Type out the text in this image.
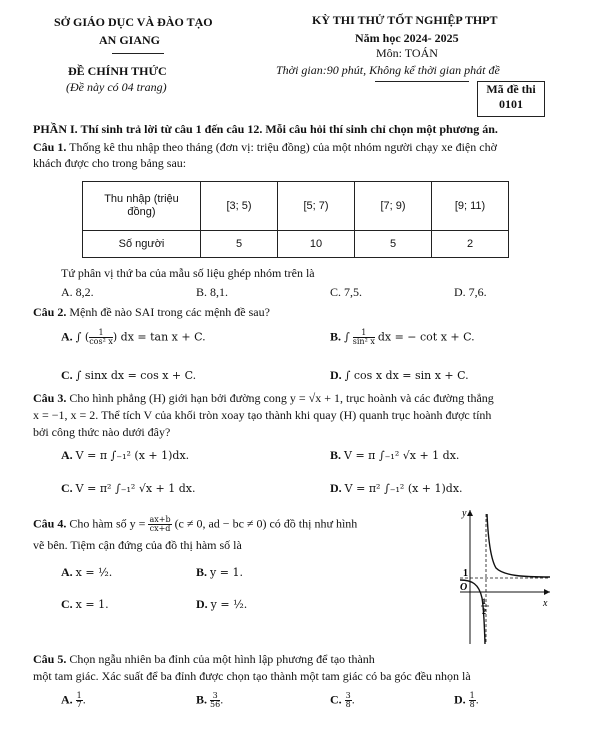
SỞ GIÁO DỤC VÀ ĐÀO TẠO
AN GIANG
ĐỀ CHÍNH THỨC
(Đề này có 04 trang)
KỲ THI THỬ TỐT NGHIỆP THPT
Năm học 2024- 2025
Môn: TOÁN
Thời gian:90 phút, Không kể thời gian phát đề
Mã đề thi
0101
PHẦN I. Thí sinh trả lời từ câu 1 đến câu 12. Mỗi câu hỏi thí sinh chỉ chọn một phương án.
Câu 1. Thống kê thu nhập theo tháng (đơn vị: triệu đồng) của một nhóm người chạy xe điện chờ
khách được cho trong bảng sau:
Thu nhập (triệu
đồng)	[3; 5)	[5; 7)	[7; 9)	[9; 11)
Số người	5	10	5	2
Tứ phân vị thứ ba của mẫu số liệu ghép nhóm trên là
A. 8,2.	B. 8,1.	C. 7,5.	D. 7,6.
Câu 2. Mệnh đề nào SAI trong các mệnh đề sau?
A. ∫ ( $\frac{1}{\text{cos² x}}$ ) dx = tan x + C.	B. ∫ $\frac{1}{\text{sin² x}}$ dx = − cot x + C.
C. ∫ sinx dx = cos x + C.	D. ∫ cos x dx = sin x + C.
Câu 3. Cho hình phẳng (H) giới hạn bởi đường cong y = √x + 1, trục hoành và các đường thẳng
x = −1, x = 2. Thể tích V của khối tròn xoay tạo thành khi quay (H) quanh trục hoành được tính
bởi công thức nào dưới đây?
A. V = π ∫₋₁² (x + 1)dx.	B. V = π ∫₋₁² √x + 1 dx.
C. V = π² ∫₋₁² √x + 1 dx.	D. V = π² ∫₋₁² (x + 1)dx.
Câu 4. Cho hàm số $y = \frac{ax+b}{cx+d} (c \ne 0$, ad − bc ≠ 0) có đồ thị như hình
vẽ bên. Tiệm cận đứng của đồ thị hàm số là
A. x = ½.	B. y = 1.
C. x = 1.	D. y = ½.
y
x
O
1
1
2
Câu 5. Chọn ngẫu nhiên ba đỉnh của một hình lập phương để tạo thành
một tam giác. Xác suất để ba đỉnh được chọn tạo thành một tam giác có ba góc đều nhọn là
A. $\frac{1}{7}$ .	B. $\frac{3}{56}$ .	C. $\frac{3}{8}$ .	D. $\frac{1}{8}$ .
